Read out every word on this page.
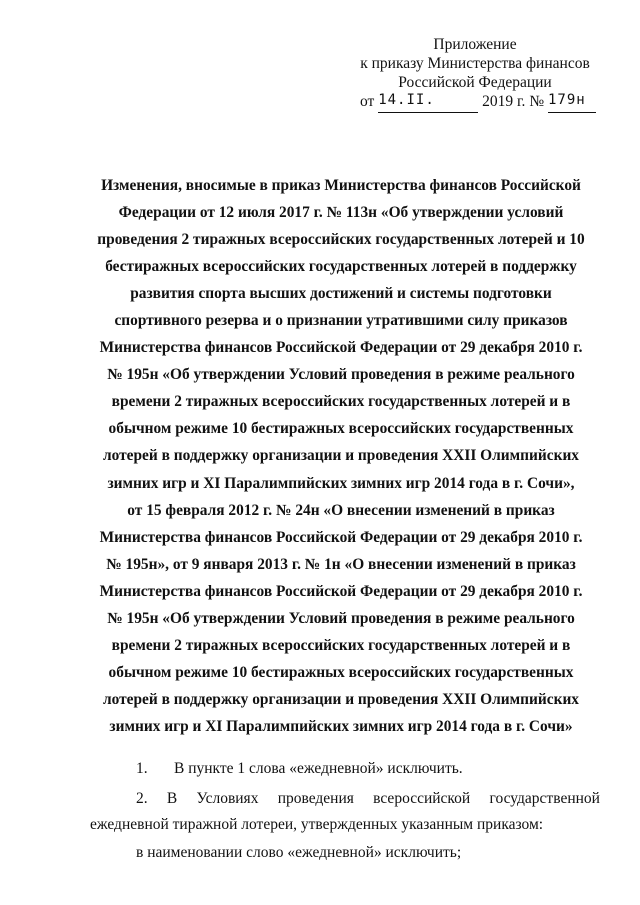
Приложение
к приказу Министерства финансов
Российской Федерации
от 14.II.	2019 г. № 179н
Изменения, вносимые в приказ Министерства финансов Российской
Федерации от 12 июля 2017 г. № 113н «Об утверждении условий
проведения 2 тиражных всероссийских государственных лотерей и 10
бестиражных всероссийских государственных лотерей в поддержку
развития спорта высших достижений и системы подготовки
спортивного резерва и о признании утратившими силу приказов
Министерства финансов Российской Федерации от 29 декабря 2010 г.
№ 195н «Об утверждении Условий проведения в режиме реального
времени 2 тиражных всероссийских государственных лотерей и в
обычном режиме 10 бестиражных всероссийских государственных
лотерей в поддержку организации и проведения XXII Олимпийских
зимних игр и XI Паралимпийских зимних игр 2014 года в г. Сочи»,
от 15 февраля 2012 г. № 24н «О внесении изменений в приказ
Министерства финансов Российской Федерации от 29 декабря 2010 г.
№ 195н», от 9 января 2013 г. № 1н «О внесении изменений в приказ
Министерства финансов Российской Федерации от 29 декабря 2010 г.
№ 195н «Об утверждении Условий проведения в режиме реального
времени 2 тиражных всероссийских государственных лотерей и в
обычном режиме 10 бестиражных всероссийских государственных
лотерей в поддержку организации и проведения XXII Олимпийских
зимних игр и XI Паралимпийских зимних игр 2014 года в г. Сочи»
1. В пункте 1 слова «ежедневной» исключить.
2. В Условиях проведения всероссийской государственной
ежедневной тиражной лотереи, утвержденных указанным приказом:
в наименовании слово «ежедневной» исключить;
